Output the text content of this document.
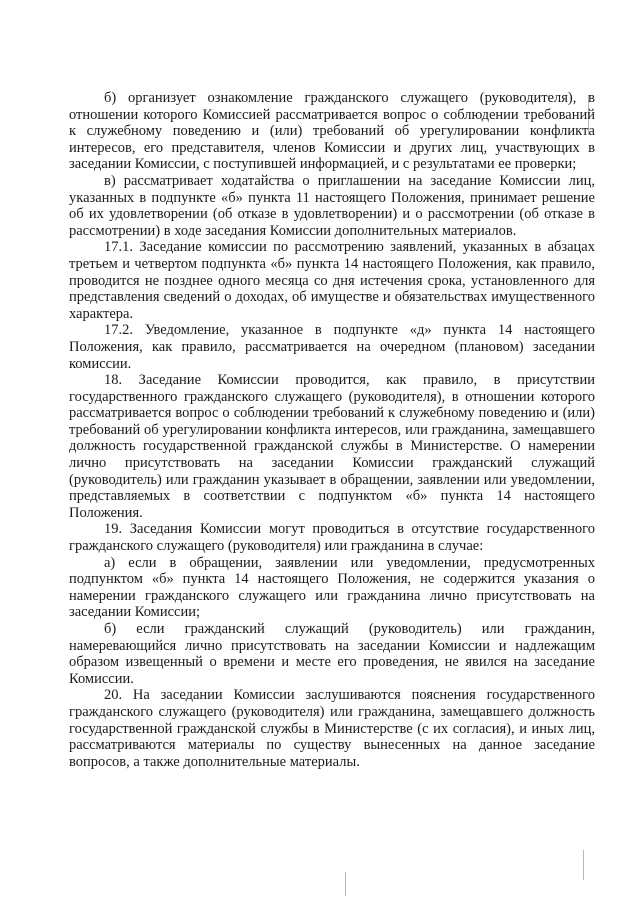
б) организует ознакомление гражданского служащего (руководителя), в отношении которого Комиссией рассматривается вопрос о соблюдении требований к служебному поведению и (или) требований об урегулировании конфликта интересов, его представителя, членов Комиссии и других лиц, участвующих в заседании Комиссии, с поступившей информацией, и с результатами ее проверки;

в) рассматривает ходатайства о приглашении на заседание Комиссии лиц, указанных в подпункте «б» пункта 11 настоящего Положения, принимает решение об их удовлетворении (об отказе в удовлетворении) и о рассмотрении (об отказе в рассмотрении) в ходе заседания Комиссии дополнительных материалов.

17.1. Заседание комиссии по рассмотрению заявлений, указанных в абзацах третьем и четвертом подпункта «б» пункта 14 настоящего Положения, как правило, проводится не позднее одного месяца со дня истечения срока, установленного для представления сведений о доходах, об имуществе и обязательствах имущественного характера.

17.2. Уведомление, указанное в подпункте «д» пункта 14 настоящего Положения, как правило, рассматривается на очередном (плановом) заседании комиссии.

18. Заседание Комиссии проводится, как правило, в присутствии государственного гражданского служащего (руководителя), в отношении которого рассматривается вопрос о соблюдении требований к служебному поведению и (или) требований об урегулировании конфликта интересов, или гражданина, замещавшего должность государственной гражданской службы в Министерстве. О намерении лично присутствовать на заседании Комиссии гражданский служащий (руководитель) или гражданин указывает в обращении, заявлении или уведомлении, представляемых в соответствии с подпунктом «б» пункта 14 настоящего Положения.

19. Заседания Комиссии могут проводиться в отсутствие государственного гражданского служащего (руководителя) или гражданина в случае:

а) если в обращении, заявлении или уведомлении, предусмотренных подпунктом «б» пункта 14 настоящего Положения, не содержится указания о намерении гражданского служащего или гражданина лично присутствовать на заседании Комиссии;

б) если гражданский служащий (руководитель) или гражданин, намеревающийся лично присутствовать на заседании Комиссии и надлежащим образом извещенный о времени и месте его проведения, не явился на заседание Комиссии.

20. На заседании Комиссии заслушиваются пояснения государственного гражданского служащего (руководителя) или гражданина, замещавшего должность государственной гражданской службы в Министерстве (с их согласия), и иных лиц, рассматриваются материалы по существу вынесенных на данное заседание вопросов, а также дополнительные материалы.
